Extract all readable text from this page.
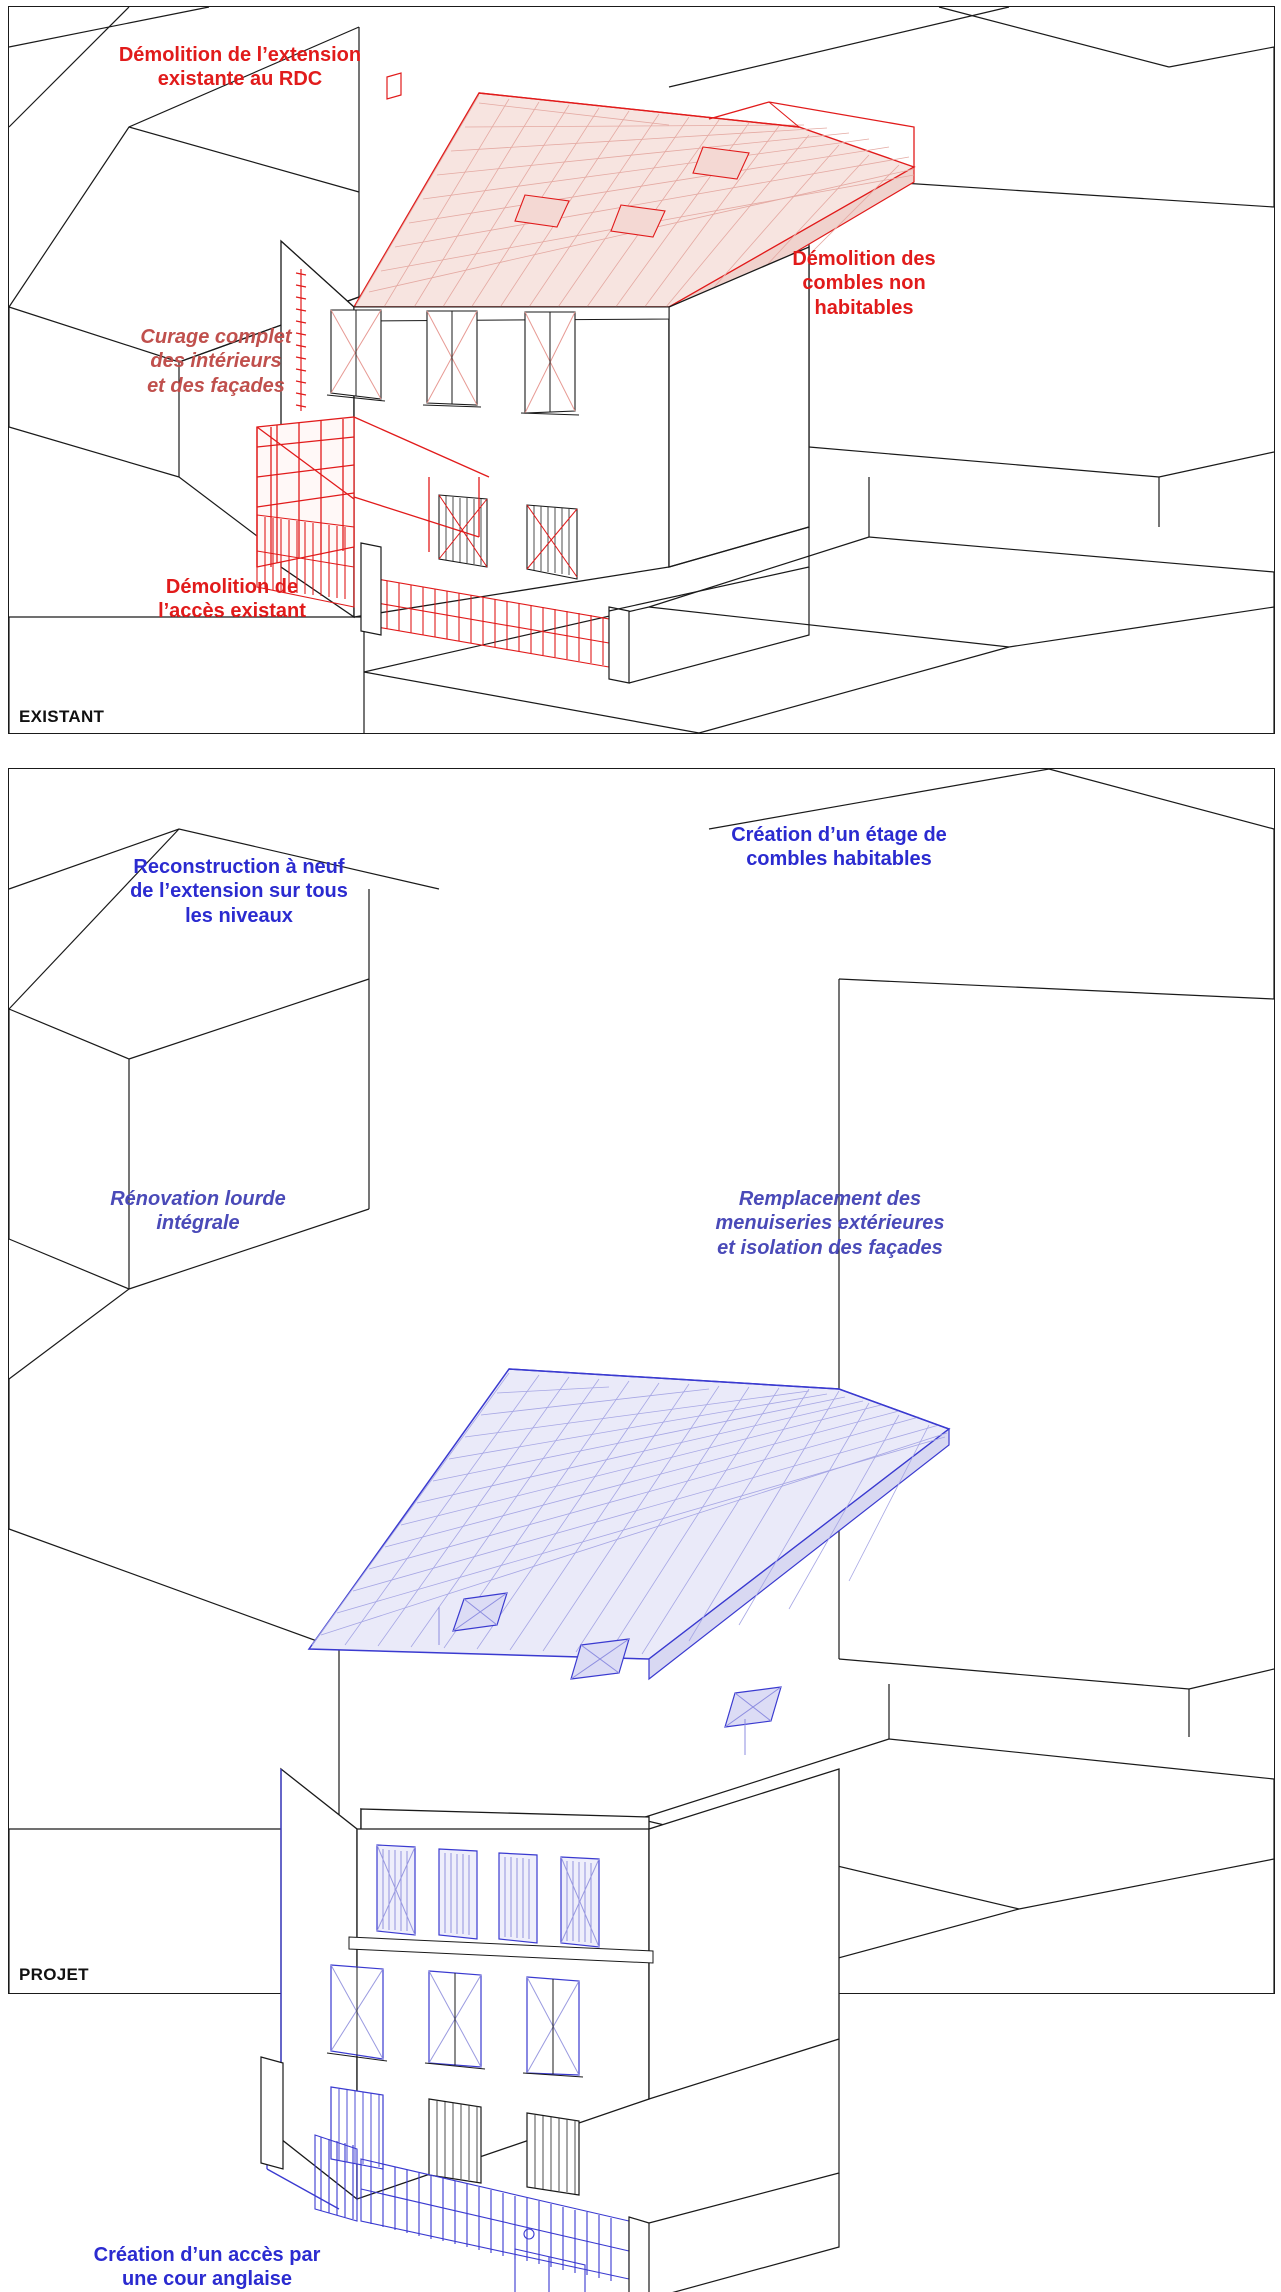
Démolition de l’extension
existante au RDC
Démolition des
combles non
habitables
Curage complet
des intérieurs
et des façades
Démolition de
l’accès existant
EXISTANT
Création d’un étage de
combles habitables
Reconstruction à neuf
de l’extension sur tous
les niveaux
Rénovation lourde
intégrale
Remplacement des
menuiseries extérieures
et isolation des façades
Création d’un accès par
une cour anglaise
PROJET
